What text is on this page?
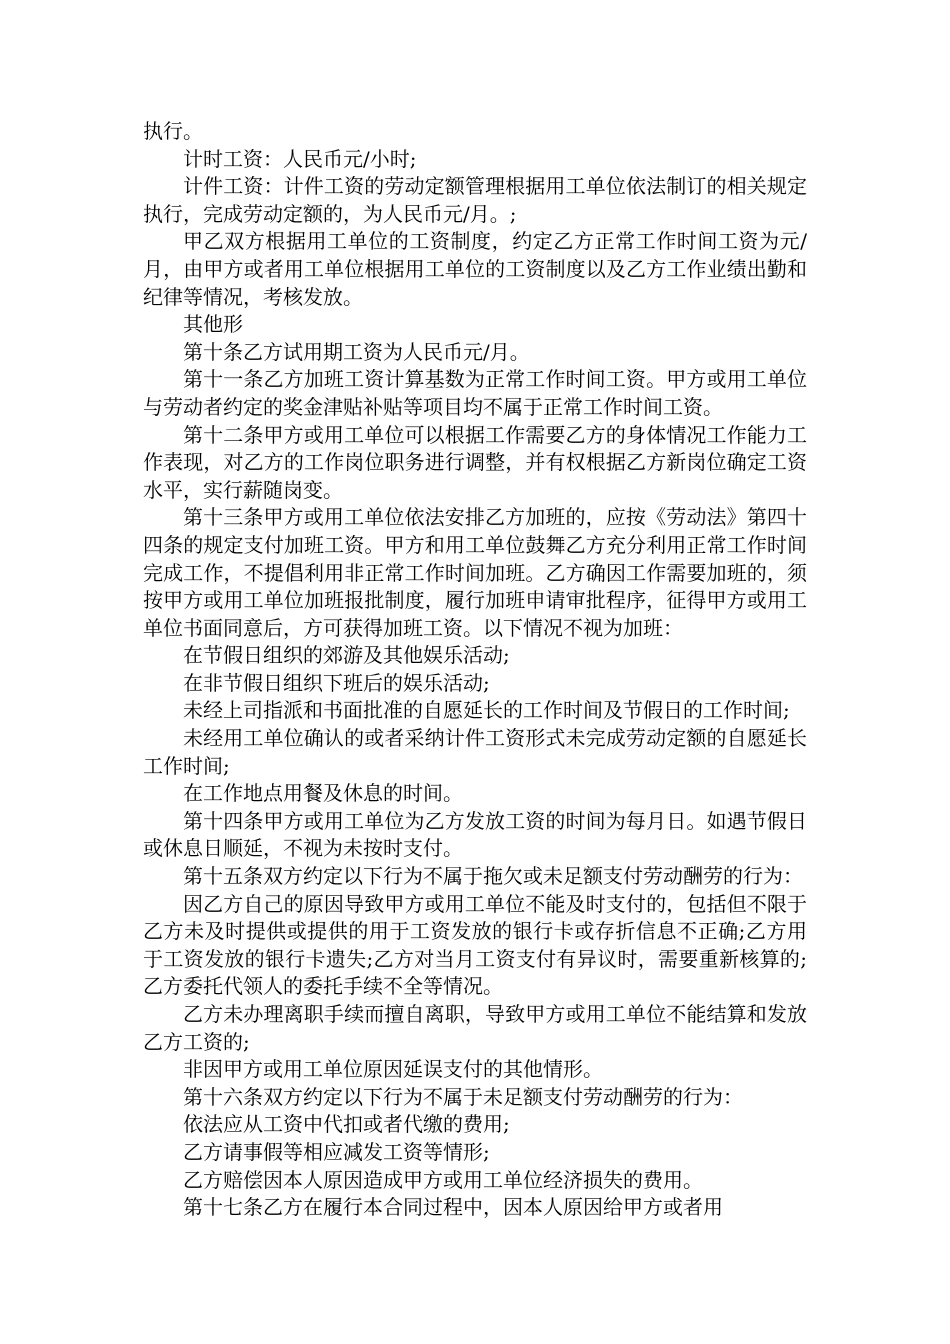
执行。

计时工资：人民币元/小时;

计件工资：计件工资的劳动定额管理根据用工单位依法制订的相关规定执行，完成劳动定额的，为人民币元/月。;

甲乙双方根据用工单位的工资制度，约定乙方正常工作时间工资为元/月，由甲方或者用工单位根据用工单位的工资制度以及乙方工作业绩出勤和纪律等情况，考核发放。

其他形

第十条乙方试用期工资为人民币元/月。

第十一条乙方加班工资计算基数为正常工作时间工资。甲方或用工单位与劳动者约定的奖金津贴补贴等项目均不属于正常工作时间工资。

第十二条甲方或用工单位可以根据工作需要乙方的身体情况工作能力工作表现，对乙方的工作岗位职务进行调整，并有权根据乙方新岗位确定工资水平，实行薪随岗变。

第十三条甲方或用工单位依法安排乙方加班的，应按《劳动法》第四十四条的规定支付加班工资。甲方和用工单位鼓舞乙方充分利用正常工作时间完成工作，不提倡利用非正常工作时间加班。乙方确因工作需要加班的，须按甲方或用工单位加班报批制度，履行加班申请审批程序，征得甲方或用工单位书面同意后，方可获得加班工资。以下情况不视为加班：

在节假日组织的郊游及其他娱乐活动;

在非节假日组织下班后的娱乐活动;

未经上司指派和书面批准的自愿延长的工作时间及节假日的工作时间;

未经用工单位确认的或者采纳计件工资形式未完成劳动定额的自愿延长工作时间;

在工作地点用餐及休息的时间。

第十四条甲方或用工单位为乙方发放工资的时间为每月日。如遇节假日或休息日顺延，不视为未按时支付。

第十五条双方约定以下行为不属于拖欠或未足额支付劳动酬劳的行为：

因乙方自己的原因导致甲方或用工单位不能及时支付的，包括但不限于乙方未及时提供或提供的用于工资发放的银行卡或存折信息不正确;乙方用于工资发放的银行卡遗失;乙方对当月工资支付有异议时，需要重新核算的;乙方委托代领人的委托手续不全等情况。

乙方未办理离职手续而擅自离职，导致甲方或用工单位不能结算和发放乙方工资的;

非因甲方或用工单位原因延误支付的其他情形。

第十六条双方约定以下行为不属于未足额支付劳动酬劳的行为：

依法应从工资中代扣或者代缴的费用;

乙方请事假等相应减发工资等情形;

乙方赔偿因本人原因造成甲方或用工单位经济损失的费用。

第十七条乙方在履行本合同过程中，因本人原因给甲方或者用
